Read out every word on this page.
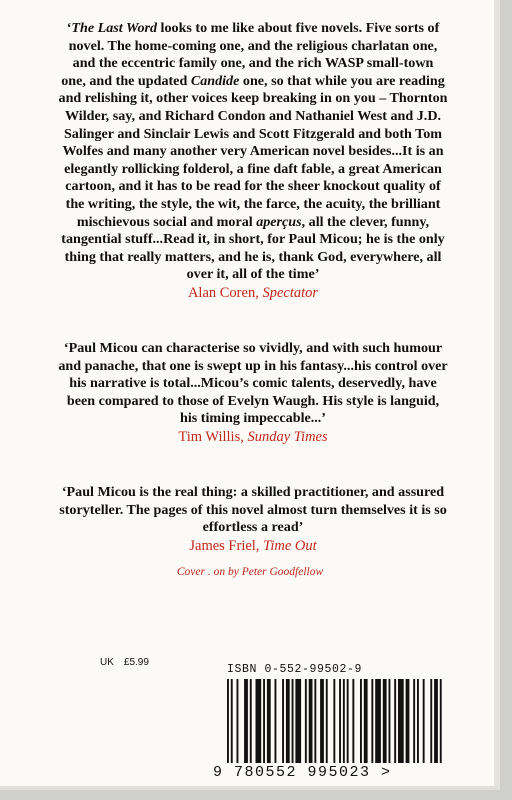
‘The Last Word looks to me like about five novels. Five sorts of
novel. The home-coming one, and the religious charlatan one,
and the eccentric family one, and the rich WASP small-town
one, and the updated Candide one, so that while you are reading
and relishing it, other voices keep breaking in on you – Thornton
Wilder, say, and Richard Condon and Nathaniel West and J.D.
Salinger and Sinclair Lewis and Scott Fitzgerald and both Tom
Wolfes and many another very American novel besides...It is an
elegantly rollicking folderol, a fine daft fable, a great American
cartoon, and it has to be read for the sheer knockout quality of
the writing, the style, the wit, the farce, the acuity, the brilliant
mischievous social and moral aperçus, all the clever, funny,
tangential stuff...Read it, in short, for Paul Micou; he is the only
thing that really matters, and he is, thank God, everywhere, all
over it, all of the time’
Alan Coren, Spectator
‘Paul Micou can characterise so vividly, and with such humour
and panache, that one is swept up in his fantasy...his control over
his narrative is total...Micou’s comic talents, deservedly, have
been compared to those of Evelyn Waugh. His style is languid,
his timing impeccable...’
Tim Willis, Sunday Times
‘Paul Micou is the real thing: a skilled practitioner, and assured
storyteller. The pages of this novel almost turn themselves it is so
effortless a read’
James Friel, Time Out
Cover . on by Peter Goodfellow
UK £5.99
ISBN 0-552-99502-9
9 780552 995023 >
